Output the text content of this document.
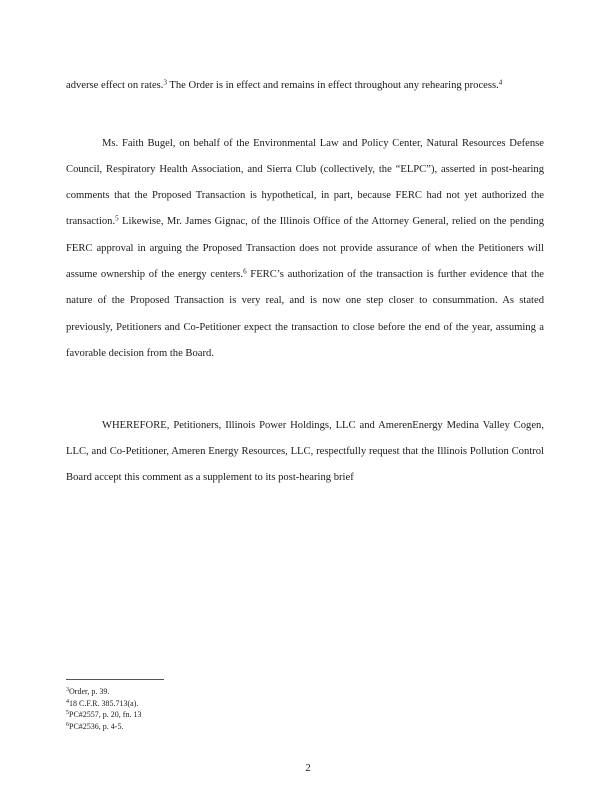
adverse effect on rates.$^3$ The Order is in effect and remains in effect throughout any rehearing process.$^4$

Ms. Faith Bugel, on behalf of the Environmental Law and Policy Center, Natural Resources Defense Council, Respiratory Health Association, and Sierra Club (collectively, the “ELPC”), asserted in post-hearing comments that the Proposed Transaction is hypothetical, in part, because FERC had not yet authorized the transaction.$^5$ Likewise, Mr. James Gignac, of the Illinois Office of the Attorney General, relied on the pending FERC approval in arguing the Proposed Transaction does not provide assurance of when the Petitioners will assume ownership of the energy centers.$^6$ FERC’s authorization of the transaction is further evidence that the nature of the Proposed Transaction is very real, and is now one step closer to consummation. As stated previously, Petitioners and Co-Petitioner expect the transaction to close before the end of the year, assuming a favorable decision from the Board.

WHEREFORE, Petitioners, Illinois Power Holdings, LLC and AmerenEnergy Medina Valley Cogen, LLC, and Co-Petitioner, Ameren Energy Resources, LLC, respectfully request that the Illinois Pollution Control Board accept this comment as a supplement to its post-hearing brief

$^3$Order, p. 39.
$^4$18 C.F.R. 385.713(a).
$^5$PC#2557, p. 20, fn. 13
$^6$PC#2536, p. 4-5.
2
